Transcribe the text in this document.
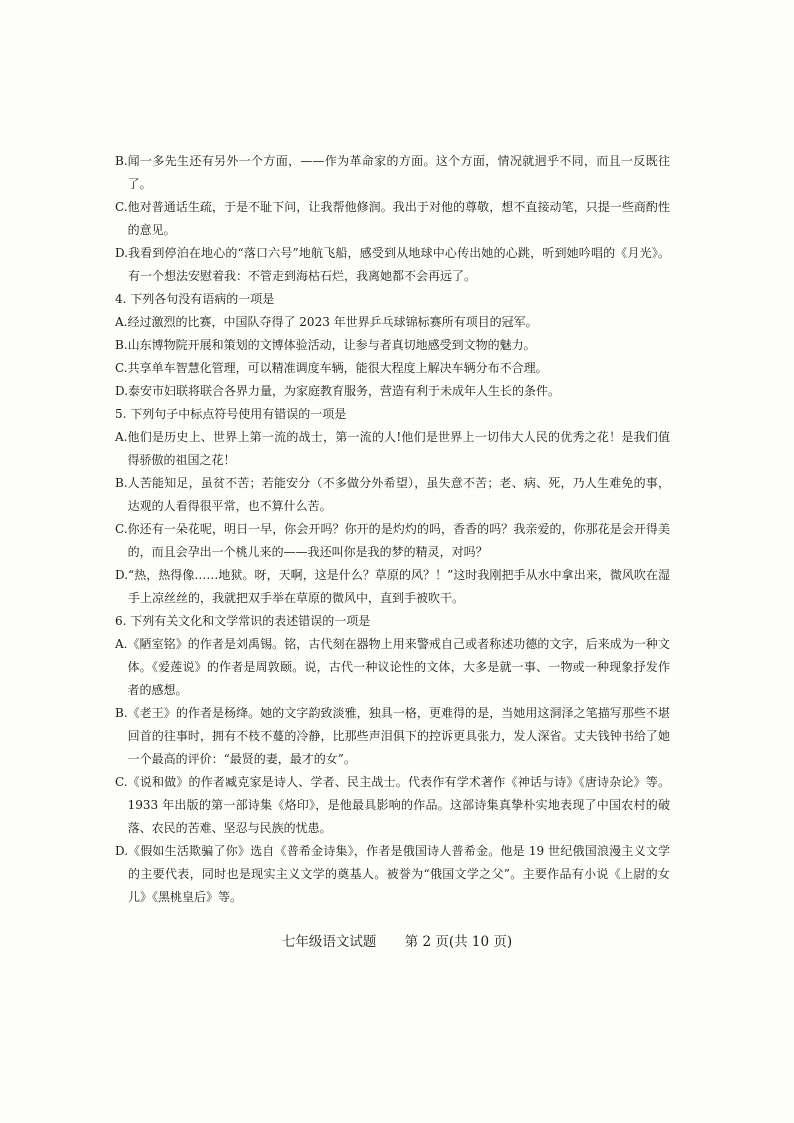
B. 闻一多先生还有另外一个方面，——作为革命家的方面。这个方面，情况就迥乎不同，而且一反既往了。
C. 他对普通话生疏，于是不耻下问，让我帮他修润。我出于对他的尊敬，想不直接动笔，只提一些商酌性的意见。
D. 我看到停泊在地心的“落口六号”地航飞船，感受到从地球中心传出她的心跳，听到她吟唱的《月光》。有一个想法安慰着我：不管走到海枯石烂，我离她都不会再远了。
4. 下列各句没有语病的一项是
A. 经过激烈的比赛，中国队夺得了 2023 年世界乒乓球锦标赛所有项目的冠军。
B. 山东博物院开展和策划的文博体验活动，让参与者真切地感受到文物的魅力。
C. 共享单车智慧化管理，可以精准调度车辆，能很大程度上解决车辆分布不合理。
D. 泰安市妇联将联合各界力量，为家庭教育服务，营造有利于未成年人生长的条件。
5. 下列句子中标点符号使用有错误的一项是
A. 他们是历史上、世界上第一流的战士，第一流的人!他们是世界上一切伟大人民的优秀之花！是我们值得骄傲的祖国之花！
B. 人苦能知足，虽贫不苦；若能安分（不多做分外希望），虽失意不苦；老、病、死，乃人生难免的事，达观的人看得很平常，也不算什么苦。
C. 你还有一朵花呢，明日一早，你会开吗？你开的是灼灼的吗，香香的吗？我亲爱的，你那花是会开得美的，而且会孕出一个桃儿来的——我还叫你是我的梦的精灵，对吗？
D. “热，热得像……地狱。呀，天啊，这是什么？草原的风？！”这时我刚把手从水中拿出来，微风吹在湿手上凉丝丝的，我就把双手举在草原的微风中，直到手被吹干。
6. 下列有关文化和文学常识的表述错误的一项是
A. 《陋室铭》的作者是刘禹锡。铭，古代刻在器物上用来警戒自己或者称述功德的文字，后来成为一种文体。《爱莲说》的作者是周敦颐。说，古代一种议论性的文体，大多是就一事、一物或一种现象抒发作者的感想。
B. 《老王》的作者是杨绛。她的文字韵致淡雅，独具一格，更难得的是，当她用这洞泽之笔描写那些不堪回首的往事时，拥有不枝不蔓的冷静，比那些声泪俱下的控诉更具张力，发人深省。丈夫钱钟书给了她一个最高的评价：“最贤的妻，最才的女”。
C. 《说和做》的作者臧克家是诗人、学者、民主战士。代表作有学术著作《神话与诗》《唐诗杂论》等。1933 年出版的第一部诗集《烙印》，是他最具影响的作品。这部诗集真挚朴实地表现了中国农村的破落、农民的苦难、坚忍与民族的忧患。
D. 《假如生活欺骗了你》选自《普希金诗集》，作者是俄国诗人普希金。他是 19 世纪俄国浪漫主义文学的主要代表，同时也是现实主义文学的奠基人。被誉为“俄国文学之父”。主要作品有小说《上尉的女儿》《黑桃皇后》等。
七年级语文试题 第 2 页(共 10 页)
